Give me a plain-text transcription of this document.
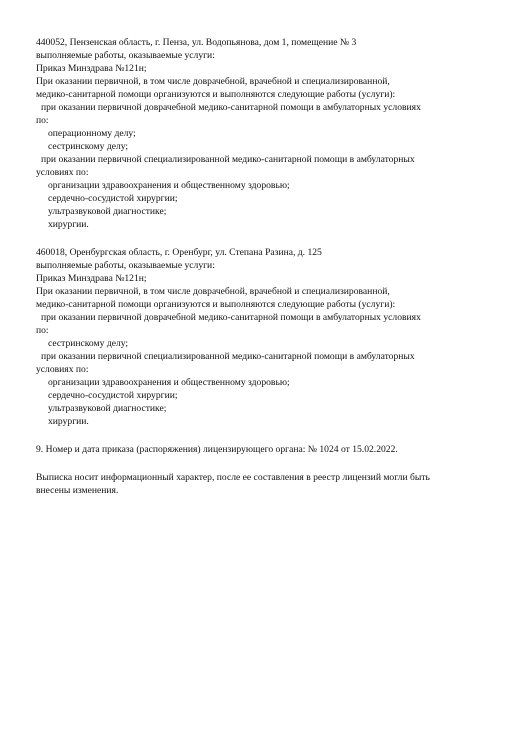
440052, Пензенская область, г. Пенза, ул. Водопьянова, дом 1, помещение № 3
выполняемые работы, оказываемые услуги:
Приказ Минздрава №121н;
При оказании первичной, в том числе доврачебной, врачебной и специализированной,
медико-санитарной помощи организуются и выполняются следующие работы (услуги):
при оказании первичной доврачебной медико-санитарной помощи в амбулаторных условиях
по:
операционному делу;
сестринскому делу;
при оказании первичной специализированной медико-санитарной помощи в амбулаторных
условиях по:
организации здравоохранения и общественному здоровью;
сердечно-сосудистой хирургии;
ультразвуковой диагностике;
хирургии.
460018, Оренбургская область, г. Оренбург, ул. Степана Разина, д. 125
выполняемые работы, оказываемые услуги:
Приказ Минздрава №121н;
При оказании первичной, в том числе доврачебной, врачебной и специализированной,
медико-санитарной помощи организуются и выполняются следующие работы (услуги):
при оказании первичной доврачебной медико-санитарной помощи в амбулаторных условиях
по:
сестринскому делу;
при оказании первичной специализированной медико-санитарной помощи в амбулаторных
условиях по:
организации здравоохранения и общественному здоровью;
сердечно-сосудистой хирургии;
ультразвуковой диагностике;
хирургии.
9. Номер и дата приказа (распоряжения) лицензирующего органа: № 1024 от 15.02.2022.
Выписка носит информационный характер, после ее составления в реестр лицензий могли быть
внесены изменения.
